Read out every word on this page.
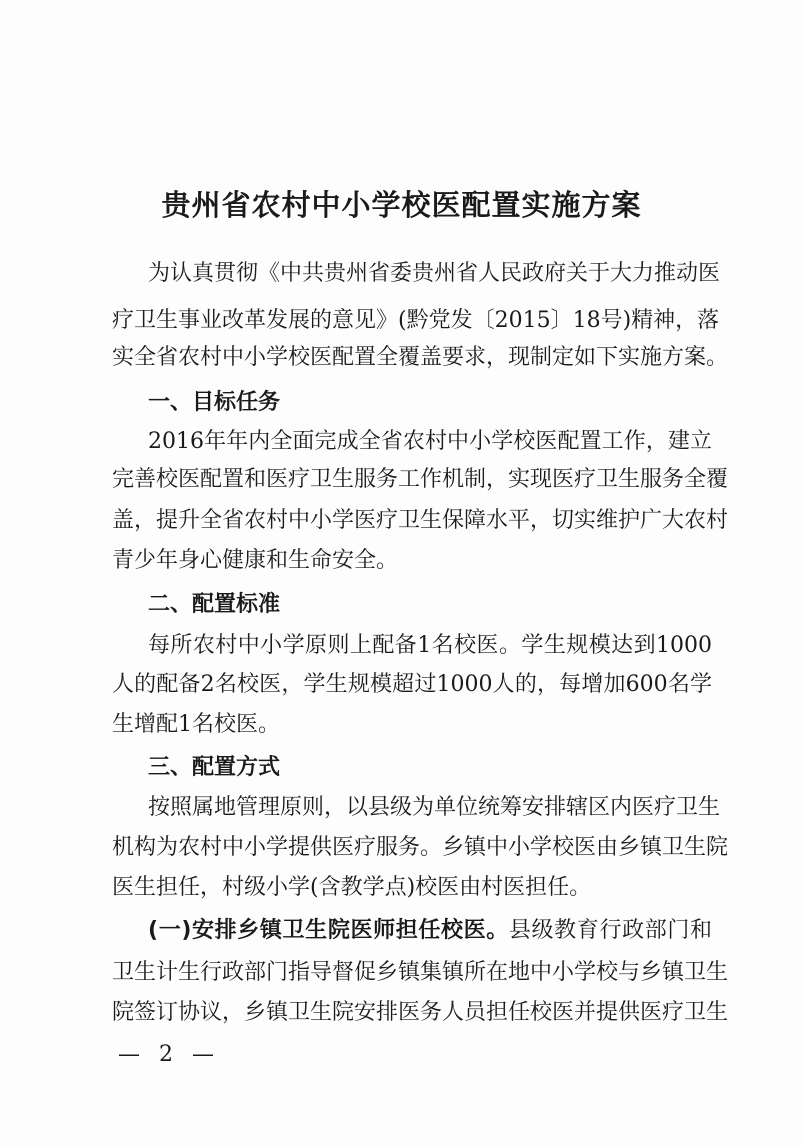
贵州省农村中小学校医配置实施方案
为认真贯彻《中共贵州省委贵州省人民政府关于大力推动医
疗卫生事业改革发展的意见》(黔党发〔2015〕18号)精神，落
实全省农村中小学校医配置全覆盖要求，现制定如下实施方案。
一、目标任务
2016年年内全面完成全省农村中小学校医配置工作，建立
完善校医配置和医疗卫生服务工作机制，实现医疗卫生服务全覆
盖，提升全省农村中小学医疗卫生保障水平，切实维护广大农村
青少年身心健康和生命安全。
二、配置标准
每所农村中小学原则上配备1名校医。学生规模达到1000
人的配备2名校医，学生规模超过1000人的，每增加600名学
生增配1名校医。
三、配置方式
按照属地管理原则，以县级为单位统筹安排辖区内医疗卫生
机构为农村中小学提供医疗服务。乡镇中小学校医由乡镇卫生院
医生担任，村级小学(含教学点)校医由村医担任。
(一)安排乡镇卫生院医师担任校医。县级教育行政部门和
卫生计生行政部门指导督促乡镇集镇所在地中小学校与乡镇卫生
院签订协议，乡镇卫生院安排医务人员担任校医并提供医疗卫生
— 2 —
